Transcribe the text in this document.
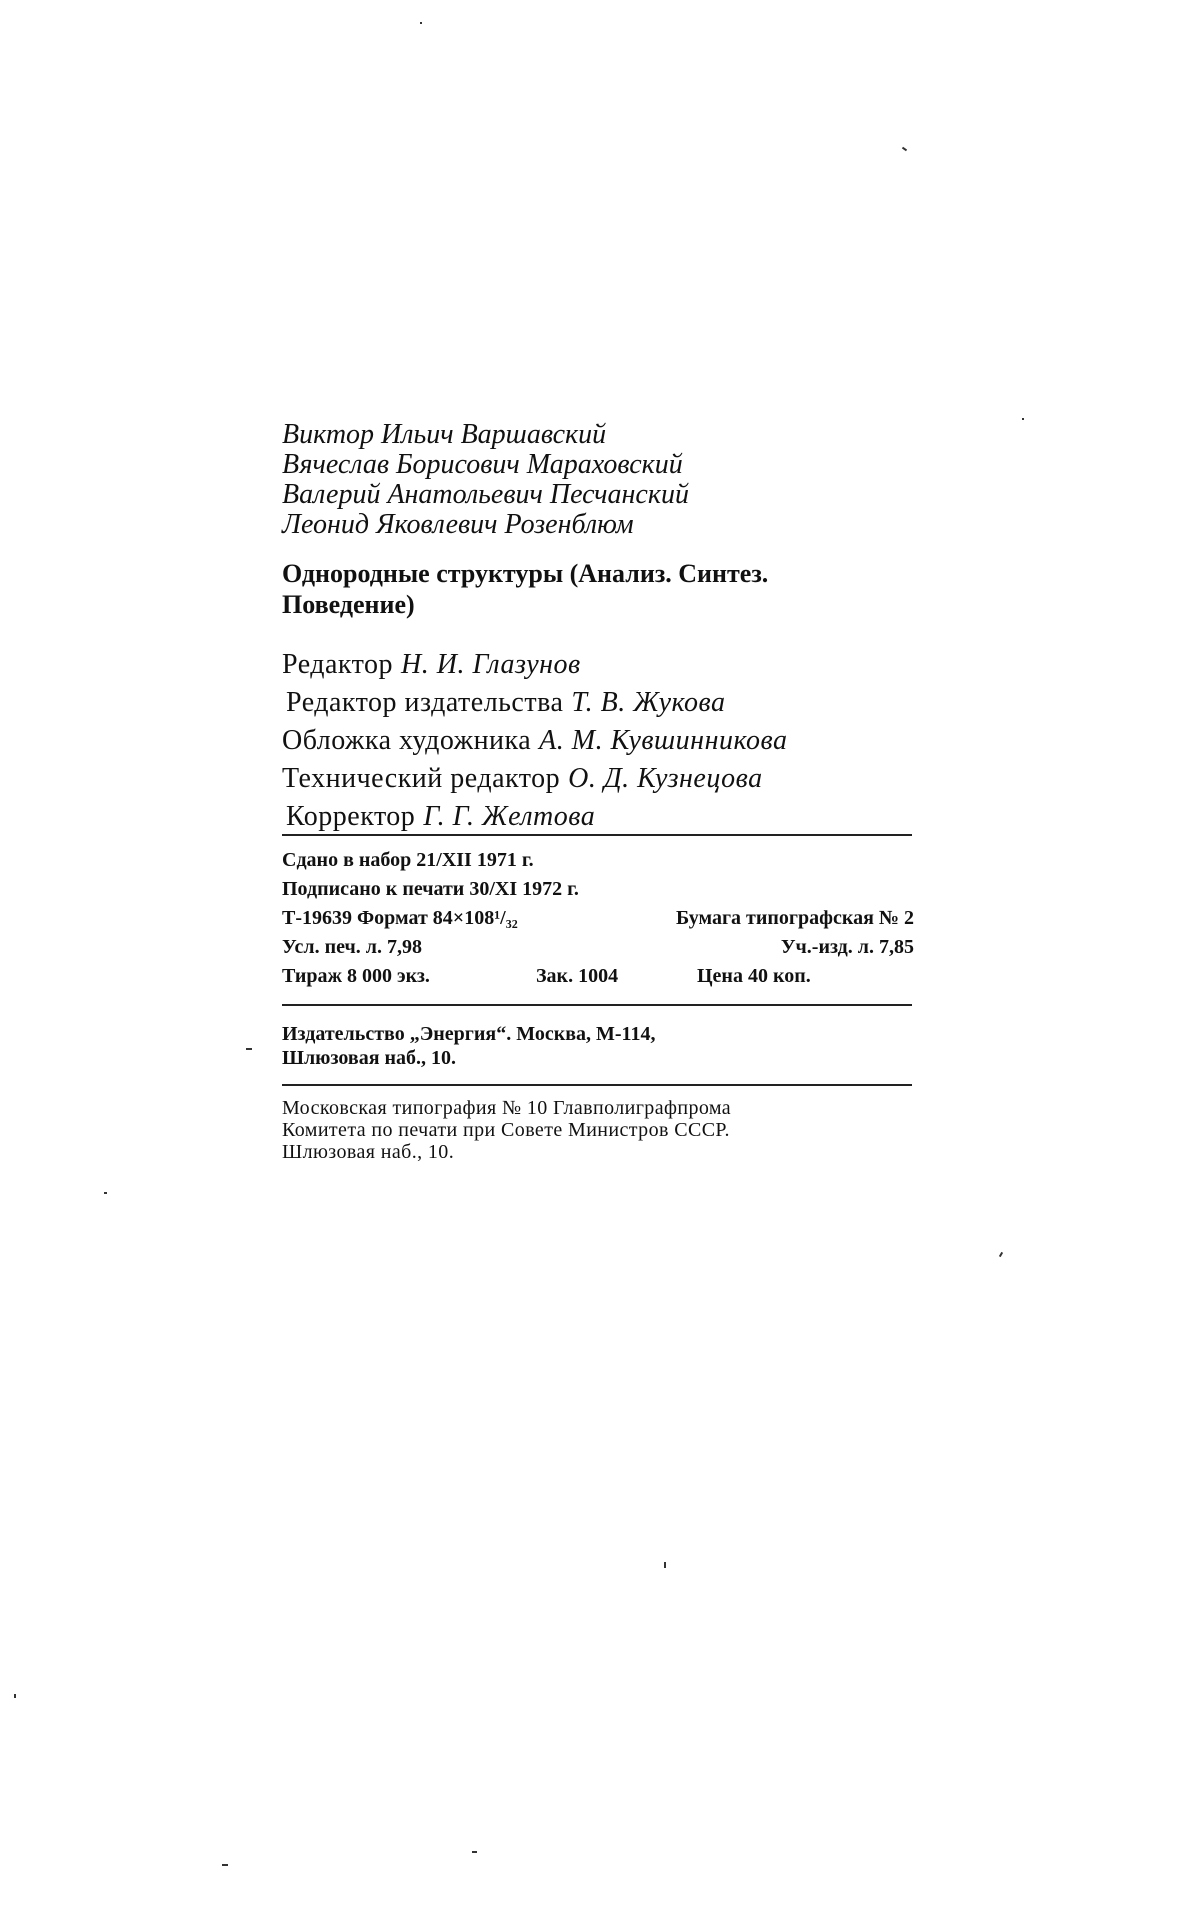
Виктор Ильич Варшавский
Вячеслав Борисович Мараховский
Валерий Анатольевич Песчанский
Леонид Яковлевич Розенблюм
Однородные структуры (Анализ. Синтез. Поведение)
Редактор Н. И. Глазунов
Редактор издательства Т. В. Жукова
Обложка художника А. М. Кувшинникова
Технический редактор О. Д. Кузнецова
Корректор Г. Г. Желтова
Сдано в набор 21/XII 1971 г.
Подписано к печати 30/XI 1972 г.
Т-19639 Формат 84×108¹/₃₂	Бумага типографская № 2
Усл. печ. л. 7,98	Уч.-изд. л. 7,85
Тираж 8 000 экз.	Зак. 1004	Цена 40 коп.
Издательство „Энергия“. Москва, М-114,
Шлюзовая наб., 10.
Московская типография № 10 Главполиграфпрома
Комитета по печати при Совете Министров СССР.
Шлюзовая наб., 10.
